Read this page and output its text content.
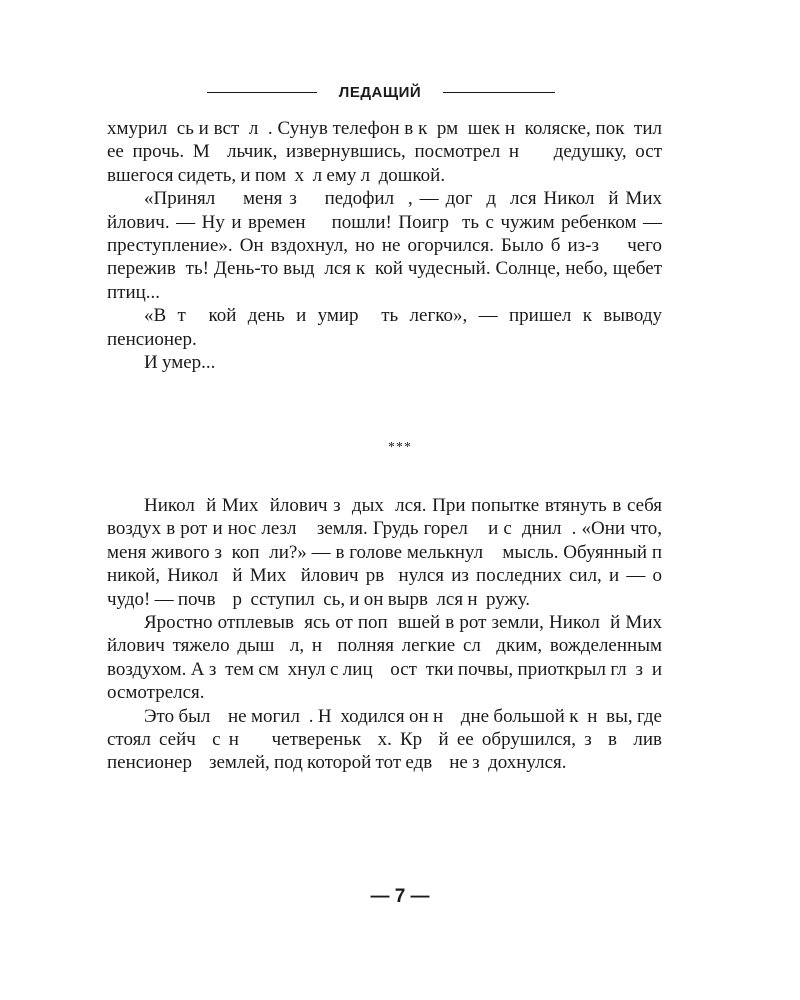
ЛЕДАЩИЙ

хмурил  сь и вст  л  . Сунув телефон в к  рм  шек н  коляске, пок  тил    ее прочь. М  льчик, извернувшись, посмотрел н    дедушку, ост  вшегося сидеть, и пом  х  л ему л  дошкой.

«Принял    меня з    педофил  , — дог  д  лся Никол  й Мих  йлович. — Ну и времен    пошли! Поигр  ть с чужим ребенком — преступление». Он вздохнул, но не огорчился. Было б из-з    чего пережив  ть! День-то выд  лся к  кой чудесный. Солнце, небо, щебет птиц...

«В т  кой день и умир  ть легко», — пришел к выводу пенсионер.

И умер...

***

Никол  й Мих  йлович з  дых  лся. При попытке втянуть в себя воздух в рот и нос лезл    земля. Грудь горел    и с  днил  . «Они что, меня живого з  коп  ли?» — в голове мелькнул    мысль. Обуянный п  никой, Никол  й Мих  йлович рв  нулся из последних сил, и — о чудо! — почв    р  сступил  сь, и он вырв  лся н  ружу.

Яростно отплевыв  ясь от поп  вшей в рот земли, Никол  й Мих  йлович тяжело дыш  л, н  полняя легкие сл  дким, вожделенным воздухом. А з  тем см  хнул с лиц    ост  тки почвы, приоткрыл гл  з  и осмотрелся.

Это был    не могил  . Н  ходился он н    дне большой к  н  вы, где стоял сейч  с н    четвереньк  х. Кр  й ее обрушился, з  в  лив пенсионер    землей, под которой тот едв    не з  дохнулся.

— 7 —
